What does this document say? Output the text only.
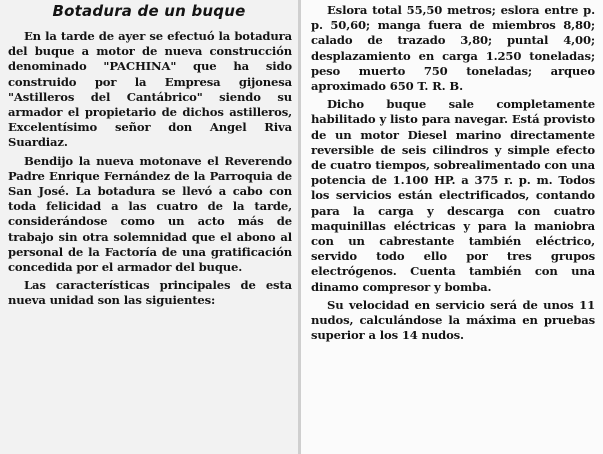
Botadura de un buque

En la tarde de ayer se efectuó la botadura del buque a motor de nueva construcción denominado "PACHINA" que ha sido construido por la Empresa gijonesa "Astilleros del Cantábrico" siendo su armador el propietario de dichos astilleros, Excelentísimo señor don Angel Riva Suardiaz.

Bendijo la nueva motonave el Reverendo Padre Enrique Fernández de la Parroquia de San José. La botadura se llevó a cabo con toda felicidad a las cuatro de la tarde, considerándose como un acto más de trabajo sin otra solemnidad que el abono al personal de la Factoría de una gratificación concedida por el armador del buque.

Las características principales de esta nueva unidad son las siguientes:

Eslora total 55,50 metros; eslora entre p. p. 50,60; manga fuera de miembros 8,80; calado de trazado 3,80; puntal 4,00; desplazamiento en carga 1.250 toneladas; peso muerto 750 toneladas; arqueo aproximado 650 T. R. B.

Dicho buque sale completamente habilitado y listo para navegar. Está provisto de un motor Diesel marino directamente reversible de seis cilindros y simple efecto de cuatro tiempos, sobrealimentado con una potencia de 1.100 HP. a 375 r. p. m. Todos los servicios están electrificados, contando para la carga y descarga con cuatro maquinillas eléctricas y para la maniobra con un cabrestante también eléctrico, servido todo ello por tres grupos electrógenos. Cuenta también con una dinamo compresor y bomba.

Su velocidad en servicio será de unos 11 nudos, calculándose la máxima en pruebas superior a los 14 nudos.
